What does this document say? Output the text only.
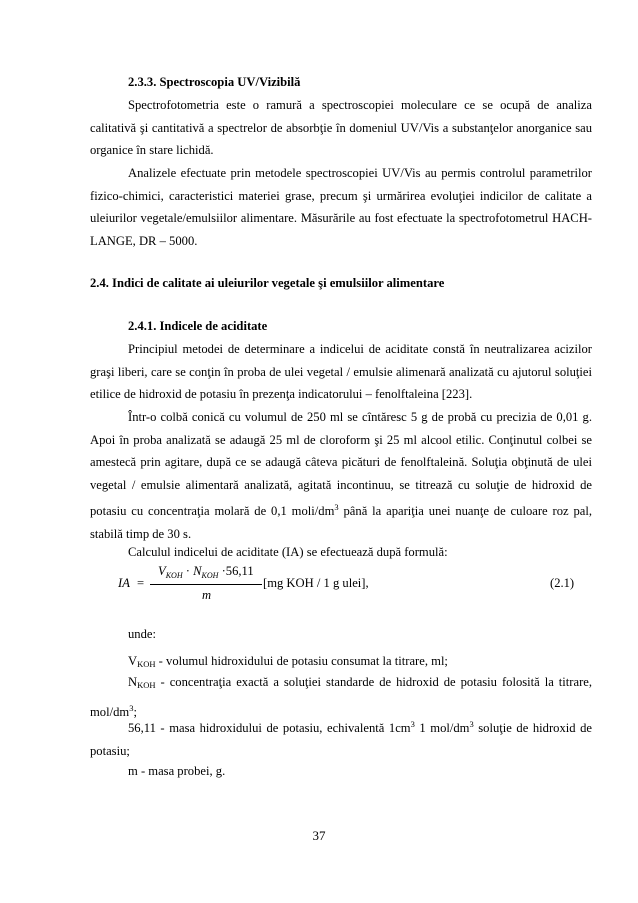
2.3.3. Spectroscopia UV/Vizibilă
Spectrofotometria este o ramură a spectroscopiei moleculare ce se ocupă de analiza calitativă şi cantitativă a spectrelor de absorbţie în domeniul UV/Vis a substanţelor anorganice sau organice în stare lichidă.
Analizele efectuate prin metodele spectroscopiei UV/Vis au permis controlul parametrilor fizico-chimici, caracteristici materiei grase, precum şi urmărirea evoluţiei indicilor de calitate a uleiurilor vegetale/emulsiilor alimentare. Măsurările au fost efectuate la spectrofotometrul HACH-LANGE, DR – 5000.
2.4. Indici de calitate ai uleiurilor vegetale şi emulsiilor alimentare
2.4.1. Indicele de aciditate
Principiul metodei de determinare a indicelui de aciditate constă în neutralizarea acizilor graşi liberi, care se conţin în proba de ulei vegetal / emulsie alimenară analizată cu ajutorul soluţiei etilice de hidroxid de potasiu în prezenţa indicatorului – fenolftaleina [223].
Într-o colbă conică cu volumul de 250 ml se cîntăresc 5 g de probă cu precizia de 0,01 g. Apoi în proba analizată se adaugă 25 ml de cloroform şi 25 ml alcool etilic. Conţinutul colbei se amestecă prin agitare, după ce se adaugă câteva picături de fenolftaleină. Soluţia obţinută de ulei vegetal / emulsie alimentară analizată, agitată incontinuu, se titrează cu soluţie de hidroxid de potasiu cu concentraţia molară de 0,1 moli/$dm^3$ până la apariţia unei nuanţe de culoare roz pal, stabilă timp de 30 s.
Calculul indicelui de aciditate (IA) se efectuează după formulă:
IA =
$V_{KOH} \cdot N_{KOH} \cdot 56,11$
m
[mg KOH / 1 g ulei],	(2.1)
unde:
$V_{KOH}$ - volumul hidroxidului de potasiu consumat la titrare, ml;
$N_{KOH}$ - concentraţia exactă a soluţiei standarde de hidroxid de potasiu folosită la titrare, mol/$dm^3$;
56,11 - masa hidroxidului de potasiu, echivalentă $1cm^3$ 1 mol/$dm^3$ soluţie de hidroxid de potasiu;
m - masa probei, g.
37
